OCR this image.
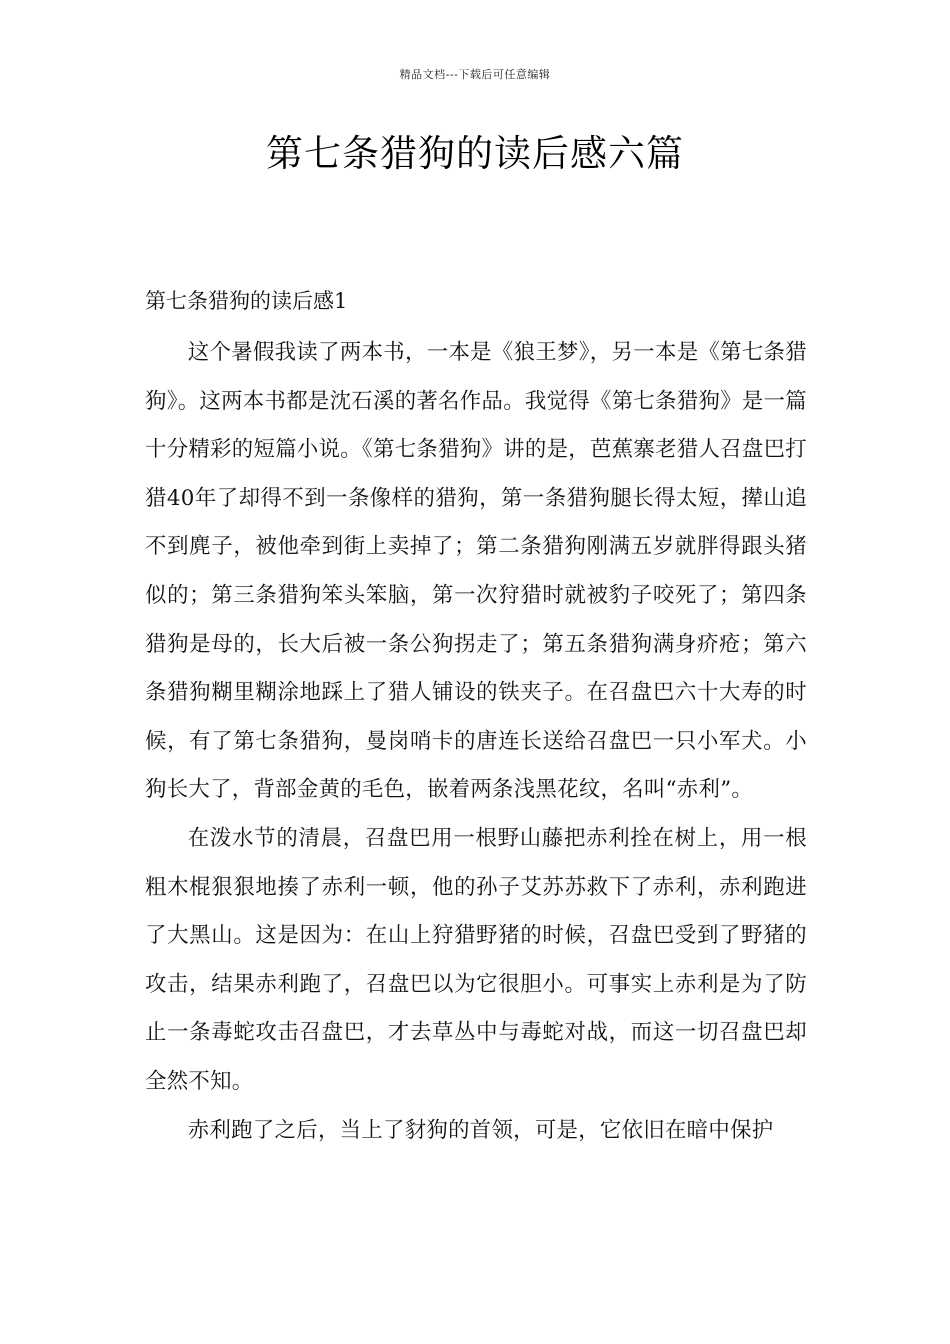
精品文档---下载后可任意编辑
第七条猎狗的读后感六篇
第七条猎狗的读后感1

这个暑假我读了两本书，一本是《狼王梦》，另一本是《第七条猎狗》。这两本书都是沈石溪的著名作品。我觉得《第七条猎狗》是一篇十分精彩的短篇小说。《第七条猎狗》讲的是，芭蕉寨老猎人召盘巴打猎40年了却得不到一条像样的猎狗，第一条猎狗腿长得太短，撵山追不到麂子，被他牵到街上卖掉了；第二条猎狗刚满五岁就胖得跟头猪似的；第三条猎狗笨头笨脑，第一次狩猎时就被豹子咬死了；第四条猎狗是母的，长大后被一条公狗拐走了；第五条猎狗满身疥疮；第六条猎狗糊里糊涂地踩上了猎人铺设的铁夹子。在召盘巴六十大寿的时候，有了第七条猎狗，曼岗哨卡的唐连长送给召盘巴一只小军犬。小狗长大了，背部金黄的毛色，嵌着两条浅黑花纹，名叫“赤利”。

在泼水节的清晨，召盘巴用一根野山藤把赤利拴在树上，用一根粗木棍狠狠地揍了赤利一顿，他的孙子艾苏苏救下了赤利，赤利跑进了大黑山。这是因为：在山上狩猎野猪的时候，召盘巴受到了野猪的攻击，结果赤利跑了，召盘巴以为它很胆小。可事实上赤利是为了防止一条毒蛇攻击召盘巴，才去草丛中与毒蛇对战，而这一切召盘巴却全然不知。

赤利跑了之后，当上了豺狗的首领，可是，它依旧在暗中保护
